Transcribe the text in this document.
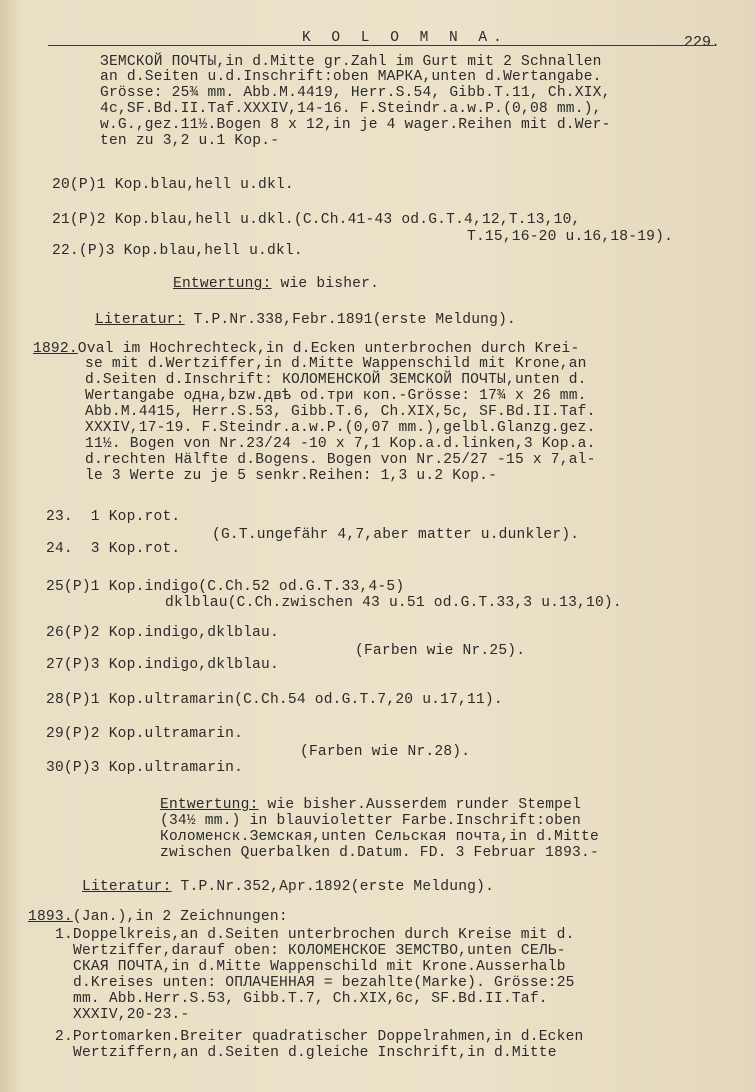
K O L O M N A.	229.
ЗЕМСКОЙ ПОЧТЫ,in d.Mitte gr.Zahl im Gurt mit 2 Schnallen
an d.Seiten u.d.Inschrift:oben МАРКА,unten d.Wertangabe.
Grösse: 25¾ mm. Abb.M.4419, Herr.S.54, Gibb.T.11, Ch.XIX,
4c,SF.Bd.II.Taf.XXXIV,14-16. F.Steindr.a.w.P.(0,08 mm.),
w.G.,gez.11½.Bogen 8 x 12,in je 4 wager.Reihen mit d.Wer-
ten zu 3,2 u.1 Kop.-
20(P)1 Kop.blau,hell u.dkl.
21(P)2 Kop.blau,hell u.dkl.(C.Ch.41-43 od.G.T.4,12,T.13,10,
T.15,16-20 u.16,18-19).
22.(P)3 Kop.blau,hell u.dkl.
Entwertung: wie bisher.
Literatur: T.P.Nr.338,Febr.1891(erste Meldung).
1892.Oval im Hochrechteck,in d.Ecken unterbrochen durch Krei-
se mit d.Wertziffer,in d.Mitte Wappenschild mit Krone,an
d.Seiten d.Inschrift: КОЛОМЕНСКОЙ ЗЕМСКОЙ ПОЧТЫ,unten d.
Wertangabe одна,bzw.двѣ od.три коп.-Grösse: 17¾ x 26 mm.
Abb.M.4415, Herr.S.53, Gibb.T.6, Ch.XIX,5c, SF.Bd.II.Taf.
XXXIV,17-19. F.Steindr.a.w.P.(0,07 mm.),gelbl.Glanzg.gez.
11½. Bogen von Nr.23/24 -10 x 7,1 Kop.a.d.linken,3 Kop.a.
d.rechten Hälfte d.Bogens. Bogen von Nr.25/27 -15 x 7,al-
le 3 Werte zu je 5 senkr.Reihen: 1,3 u.2 Kop.-
23.  1 Kop.rot.
(G.T.ungefähr 4,7,aber matter u.dunkler).
24.  3 Kop.rot.
25(P)1 Kop.indigo(C.Ch.52 od.G.T.33,4-5)
dklblau(C.Ch.zwischen 43 u.51 od.G.T.33,3 u.13,10).
26(P)2 Kop.indigo,dklblau.
(Farben wie Nr.25).
27(P)3 Kop.indigo,dklblau.
28(P)1 Kop.ultramarin(C.Ch.54 od.G.T.7,20 u.17,11).
29(P)2 Kop.ultramarin.
(Farben wie Nr.28).
30(P)3 Kop.ultramarin.
Entwertung: wie bisher.Ausserdem runder Stempel
(34½ mm.) in blauvioletter Farbe.Inschrift:oben
Коломенск.Земская,unten Сельская почта,in d.Mitte
zwischen Querbalken d.Datum. FD. 3 Februar 1893.-
Literatur: T.P.Nr.352,Apr.1892(erste Meldung).
1893.(Jan.),in 2 Zeichnungen:
1.Doppelkreis,an d.Seiten unterbrochen durch Kreise mit d.
Wertziffer,darauf oben: КОЛОМЕНСКОЕ ЗЕМСТВО,unten СЕЛЬ-
СКАЯ ПОЧТА,in d.Mitte Wappenschild mit Krone.Ausserhalb
d.Kreises unten: ОПЛАЧЕННАЯ = bezahlte(Marke). Grösse:25
mm. Abb.Herr.S.53, Gibb.T.7, Ch.XIX,6c, SF.Bd.II.Taf.
XXXIV,20-23.-
2.Portomarken.Breiter quadratischer Doppelrahmen,in d.Ecken
Wertziffern,an d.Seiten d.gleiche Inschrift,in d.Mitte
